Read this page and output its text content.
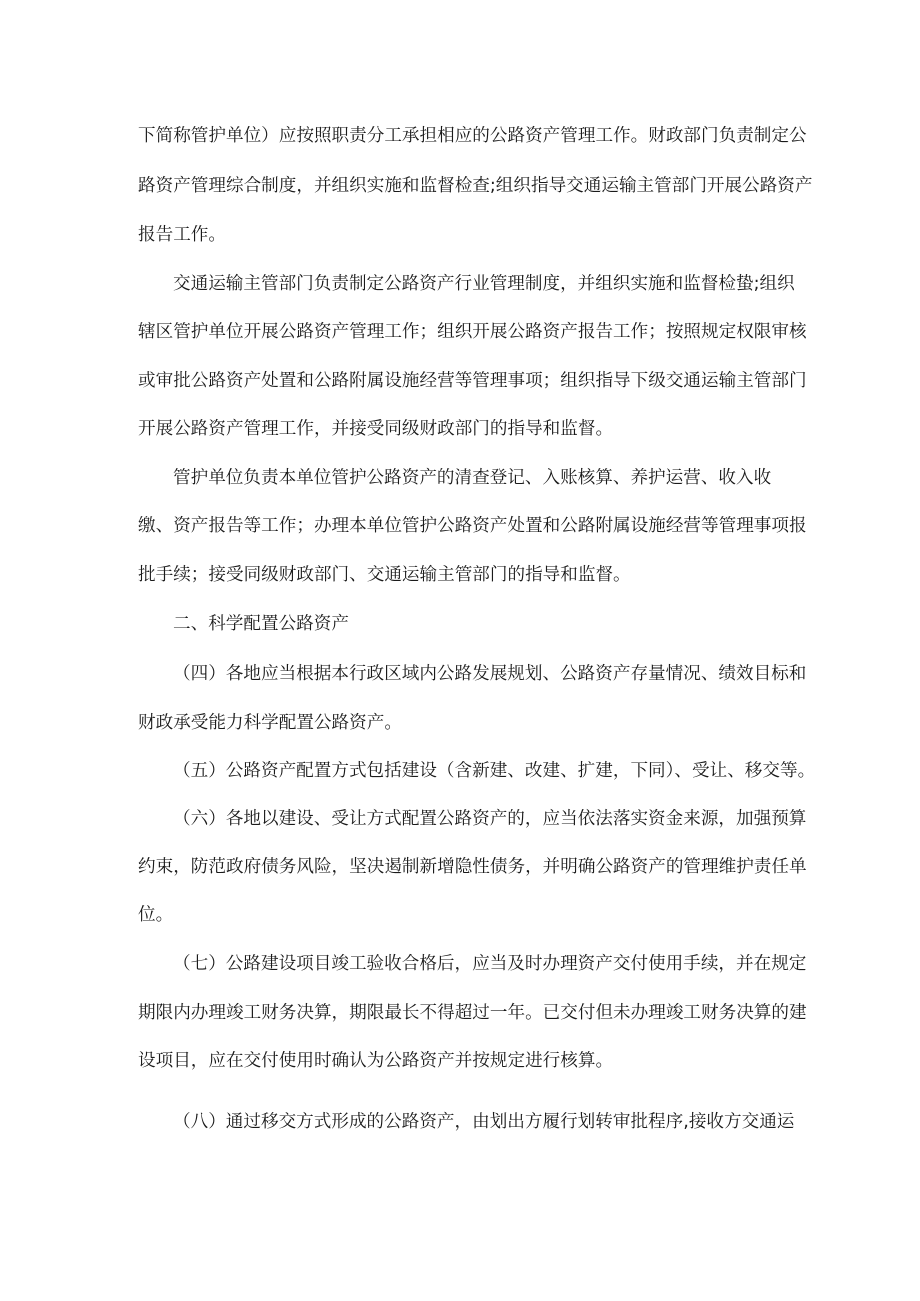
下简称管护单位）应按照职责分工承担相应的公路资产管理工作。财政部门负责制定公
路资产管理综合制度，并组织实施和监督检查;组织指导交通运输主管部门开展公路资产
报告工作。
交通运输主管部门负责制定公路资产行业管理制度，并组织实施和监督检蛰;组织
辖区管护单位开展公路资产管理工作；组织开展公路资产报告工作；按照规定权限审核
或审批公路资产处置和公路附属设施经营等管理事项；组织指导下级交通运输主管部门
开展公路资产管理工作，并接受同级财政部门的指导和监督。
管护单位负责本单位管护公路资产的清查登记、入账核算、养护运营、收入收
缴、资产报告等工作；办理本单位管护公路资产处置和公路附属设施经营等管理事项报
批手续；接受同级财政部门、交通运输主管部门的指导和监督。
二、科学配置公路资产
（四）各地应当根据本行政区域内公路发展规划、公路资产存量情况、绩效目标和
财政承受能力科学配置公路资产。
（五）公路资产配置方式包括建设（含新建、改建、扩建，下同）、受让、移交等。
（六）各地以建设、受让方式配置公路资产的，应当依法落实资金来源，加强预算
约束，防范政府债务风险，坚决遏制新增隐性债务，并明确公路资产的管理维护责任单
位。
（七）公路建设项目竣工验收合格后，应当及时办理资产交付使用手续，并在规定
期限内办理竣工财务决算，期限最长不得超过一年。已交付但未办理竣工财务决算的建
设项目，应在交付使用时确认为公路资产并按规定进行核算。
（八）通过移交方式形成的公路资产，由划出方履行划转审批程序,接收方交通运
